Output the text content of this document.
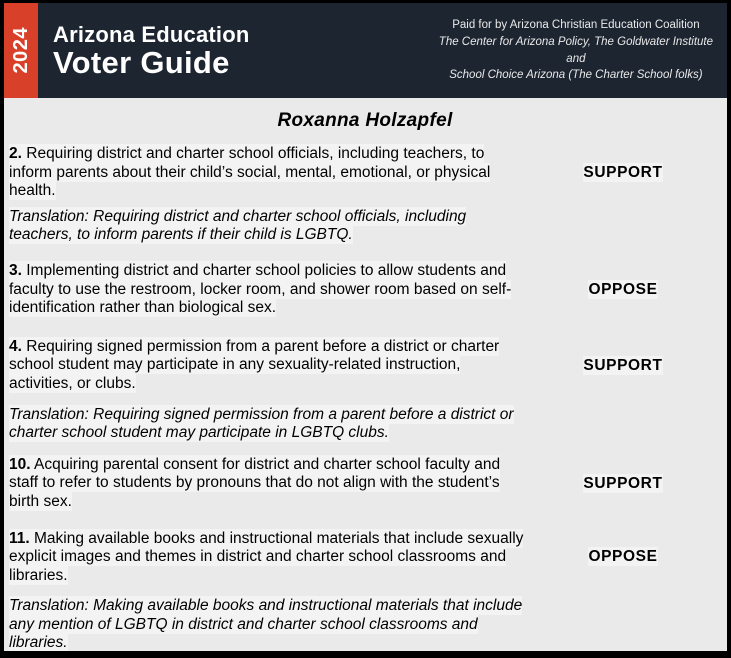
2024 Arizona Education
Voter Guide
Paid for by Arizona Christian Education Coalition
The Center for Arizona Policy, The Goldwater Institute
and
School Choice Arizona (The Charter School folks)
Roxanna Holzapfel

2. Requiring district and charter school officials, including teachers, to inform parents about their child’s social, mental, emotional, or physical health.

SUPPORT

Translation: Requiring district and charter school officials, including teachers, to inform parents if their child is LGBTQ.

3. Implementing district and charter school policies to allow students and faculty to use the restroom, locker room, and shower room based on self-identification rather than biological sex.

OPPOSE

4. Requiring signed permission from a parent before a district or charter school student may participate in any sexuality-related instruction, activities, or clubs.

SUPPORT

Translation: Requiring signed permission from a parent before a district or charter school student may participate in LGBTQ clubs.

10. Acquiring parental consent for district and charter school faculty and staff to refer to students by pronouns that do not align with the student’s birth sex.

SUPPORT

11. Making available books and instructional materials that include sexually explicit images and themes in district and charter school classrooms and libraries.

OPPOSE

Translation: Making available books and instructional materials that include any mention of LGBTQ in district and charter school classrooms and libraries.
